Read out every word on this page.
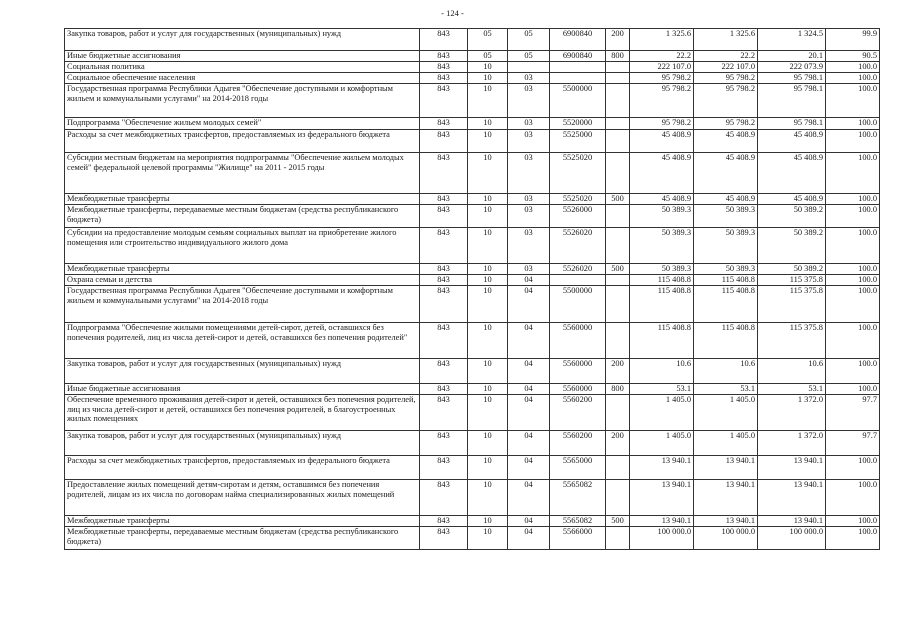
- 124 -
Закупка товаров, работ и услуг для государственных (муниципальных) нужд	843	05	05	6900840	200	1 325.6	1 325.6	1 324.5	99.9
Иные бюджетные ассигнования	843	05	05	6900840	800	22.2	22.2	20.1	90.5
Социальная политика	843	10				222 107.0	222 107.0	222 073.9	100.0
Социальное обеспечение населения	843	10	03			95 798.2	95 798.2	95 798.1	100.0
Государственная программа Республики Адыгея "Обеспечение доступными и комфортным жильем и коммунальными услугами" на 2014-2018 годы	843	10	03	5500000		95 798.2	95 798.2	95 798.1	100.0
Подпрограмма "Обеспечение жильем молодых семей"	843	10	03	5520000		95 798.2	95 798.2	95 798.1	100.0
Расходы за счет межбюджетных трансфертов, предоставляемых из федерального бюджета	843	10	03	5525000		45 408.9	45 408.9	45 408.9	100.0
Субсидии местным бюджетам на мероприятия подпрограммы "Обеспечение жильем молодых семей" федеральной целевой программы "Жилище" на 2011 - 2015 годы	843	10	03	5525020		45 408.9	45 408.9	45 408.9	100.0
Межбюджетные трансферты	843	10	03	5525020	500	45 408.9	45 408.9	45 408.9	100.0
Межбюджетные трансферты, передаваемые местным бюджетам (средства республиканского бюджета)	843	10	03	5526000		50 389.3	50 389.3	50 389.2	100.0
Субсидии на предоставление молодым семьям социальных выплат на приобретение жилого помещения или строительство индивидуального жилого дома	843	10	03	5526020		50 389.3	50 389.3	50 389.2	100.0
Межбюджетные трансферты	843	10	03	5526020	500	50 389.3	50 389.3	50 389.2	100.0
Охрана семьи и детства	843	10	04			115 408.8	115 408.8	115 375.8	100.0
Государственная программа Республики Адыгея "Обеспечение доступными и комфортным жильем и коммунальными услугами" на 2014-2018 годы	843	10	04	5500000		115 408.8	115 408.8	115 375.8	100.0
Подпрограмма "Обеспечение жилыми помещениями детей-сирот, детей, оставшихся без попечения родителей, лиц из числа детей-сирот и детей, оставшихся без попечения родителей"	843	10	04	5560000		115 408.8	115 408.8	115 375.8	100.0
Закупка товаров, работ и услуг для государственных (муниципальных) нужд	843	10	04	5560000	200	10.6	10.6	10.6	100.0
Иные бюджетные ассигнования	843	10	04	5560000	800	53.1	53.1	53.1	100.0
Обеспечение временного проживания детей-сирот и детей, оставшихся без попечения родителей, лиц из числа детей-сирот и детей, оставшихся без попечения родителей, в благоустроенных жилых помещениях	843	10	04	5560200		1 405.0	1 405.0	1 372.0	97.7
Закупка товаров, работ и услуг для государственных (муниципальных) нужд	843	10	04	5560200	200	1 405.0	1 405.0	1 372.0	97.7
Расходы за счет межбюджетных трансфертов, предоставляемых из федерального бюджета	843	10	04	5565000		13 940.1	13 940.1	13 940.1	100.0
Предоставление жилых помещений детям-сиротам и детям, оставшимся без попечения родителей, лицам из их числа по договорам найма специализированных жилых помещений	843	10	04	5565082		13 940.1	13 940.1	13 940.1	100.0
Межбюджетные трансферты	843	10	04	5565082	500	13 940.1	13 940.1	13 940.1	100.0
Межбюджетные трансферты, передаваемые местным бюджетам (средства республиканского бюджета)	843	10	04	5566000		100 000.0	100 000.0	100 000.0	100.0
